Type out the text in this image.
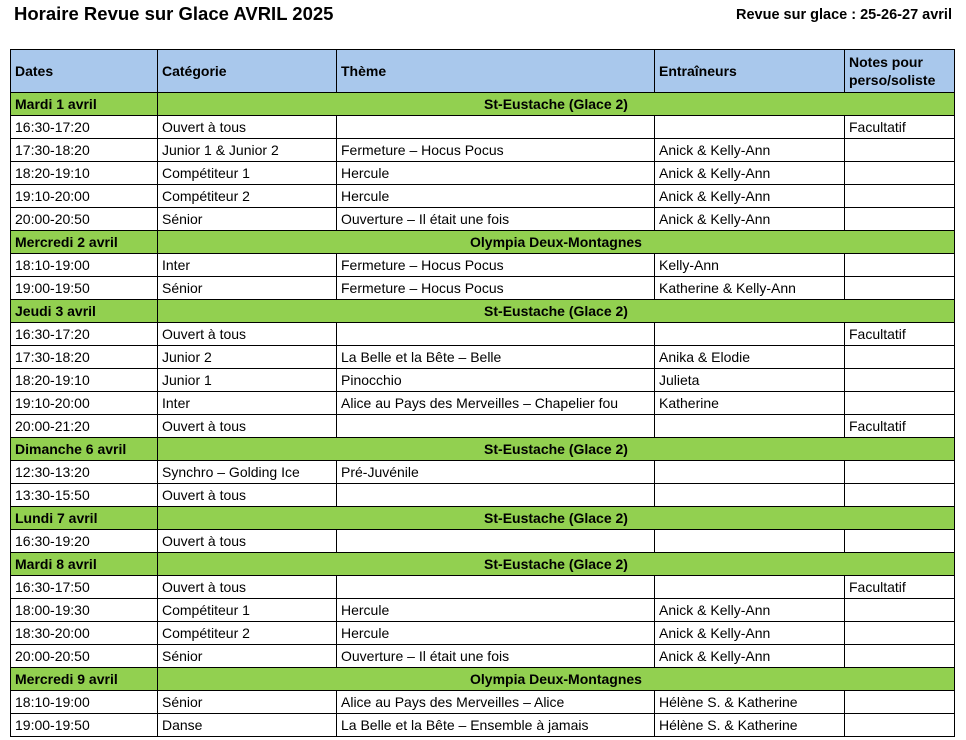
Horaire Revue sur Glace AVRIL 2025	Revue sur glace : 25-26-27 avril
Dates	Catégorie	Thème	Entraîneurs	Notes pour perso/soliste
Mardi 1 avril	St-Eustache (Glace 2)			
16:30-17:20	Ouvert à tous			Facultatif
17:30-18:20	Junior 1 & Junior 2	Fermeture – Hocus Pocus	Anick & Kelly-Ann	
18:20-19:10	Compétiteur 1	Hercule	Anick & Kelly-Ann	
19:10-20:00	Compétiteur 2	Hercule	Anick & Kelly-Ann	
20:00-20:50	Sénior	Ouverture – Il était une fois	Anick & Kelly-Ann	
Mercredi 2 avril	Olympia Deux-Montagnes			
18:10-19:00	Inter	Fermeture – Hocus Pocus	Kelly-Ann	
19:00-19:50	Sénior	Fermeture – Hocus Pocus	Katherine & Kelly-Ann	
Jeudi 3 avril	St-Eustache (Glace 2)			
16:30-17:20	Ouvert à tous			Facultatif
17:30-18:20	Junior 2	La Belle et la Bête – Belle	Anika & Elodie	
18:20-19:10	Junior 1	Pinocchio	Julieta	
19:10-20:00	Inter	Alice au Pays des Merveilles – Chapelier fou	Katherine	
20:00-21:20	Ouvert à tous			Facultatif
Dimanche 6 avril	St-Eustache (Glace 2)			
12:30-13:20	Synchro – Golding Ice	Pré-Juvénile		
13:30-15:50	Ouvert à tous			
Lundi 7 avril	St-Eustache (Glace 2)			
16:30-19:20	Ouvert à tous			
Mardi 8 avril	St-Eustache (Glace 2)			
16:30-17:50	Ouvert à tous			Facultatif
18:00-19:30	Compétiteur 1	Hercule	Anick & Kelly-Ann	
18:30-20:00	Compétiteur 2	Hercule	Anick & Kelly-Ann	
20:00-20:50	Sénior	Ouverture – Il était une fois	Anick & Kelly-Ann	
Mercredi 9 avril	Olympia Deux-Montagnes			
18:10-19:00	Sénior	Alice au Pays des Merveilles – Alice	Hélène S. & Katherine	
19:00-19:50	Danse	La Belle et la Bête – Ensemble à jamais	Hélène S. & Katherine	
